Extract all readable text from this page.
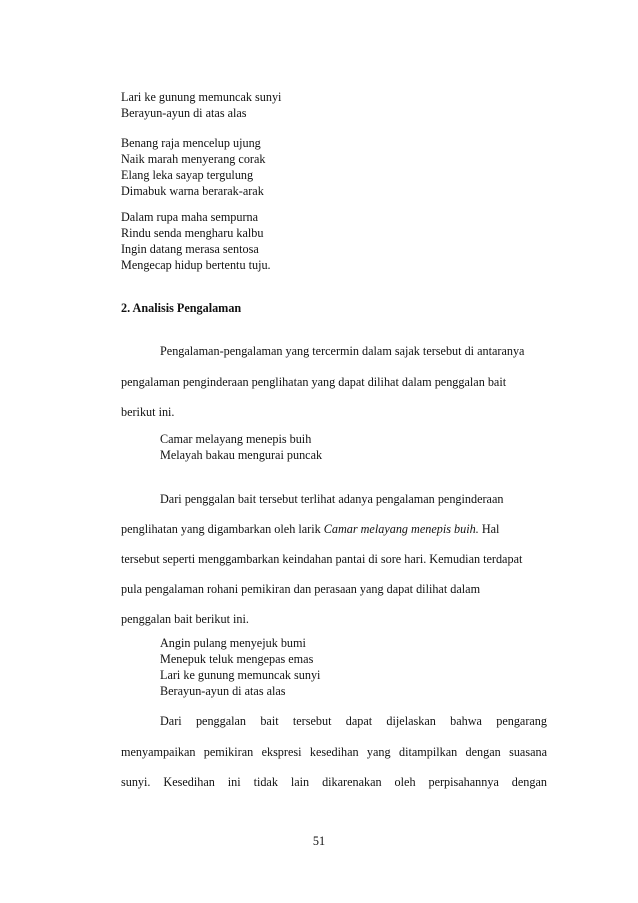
Lari ke gunung memuncak sunyi
Berayun-ayun di atas alas
Benang raja mencelup ujung
Naik marah menyerang corak
Elang leka sayap tergulung
Dimabuk warna berarak-arak
Dalam rupa maha sempurna
Rindu senda mengharu kalbu
Ingin datang merasa sentosa
Mengecap hidup bertentu tuju.
2. Analisis Pengalaman
Pengalaman-pengalaman yang tercermin dalam sajak tersebut di antaranya
pengalaman penginderaan penglihatan yang dapat dilihat dalam penggalan bait
berikut ini.
Camar melayang menepis buih
Melayah bakau mengurai puncak
Dari penggalan bait tersebut terlihat adanya pengalaman penginderaan
penglihatan yang digambarkan oleh larik Camar melayang menepis buih. Hal
tersebut seperti menggambarkan keindahan pantai di sore hari. Kemudian terdapat
pula pengalaman rohani pemikiran dan perasaan yang dapat dilihat dalam
penggalan bait berikut ini.
Angin pulang menyejuk bumi
Menepuk teluk mengepas emas
Lari ke gunung memuncak sunyi
Berayun-ayun di atas alas
Dari penggalan bait tersebut dapat dijelaskan bahwa pengarang
menyampaikan pemikiran ekspresi kesedihan yang ditampilkan dengan suasana
sunyi. Kesedihan ini tidak lain dikarenakan oleh perpisahannya dengan
51
